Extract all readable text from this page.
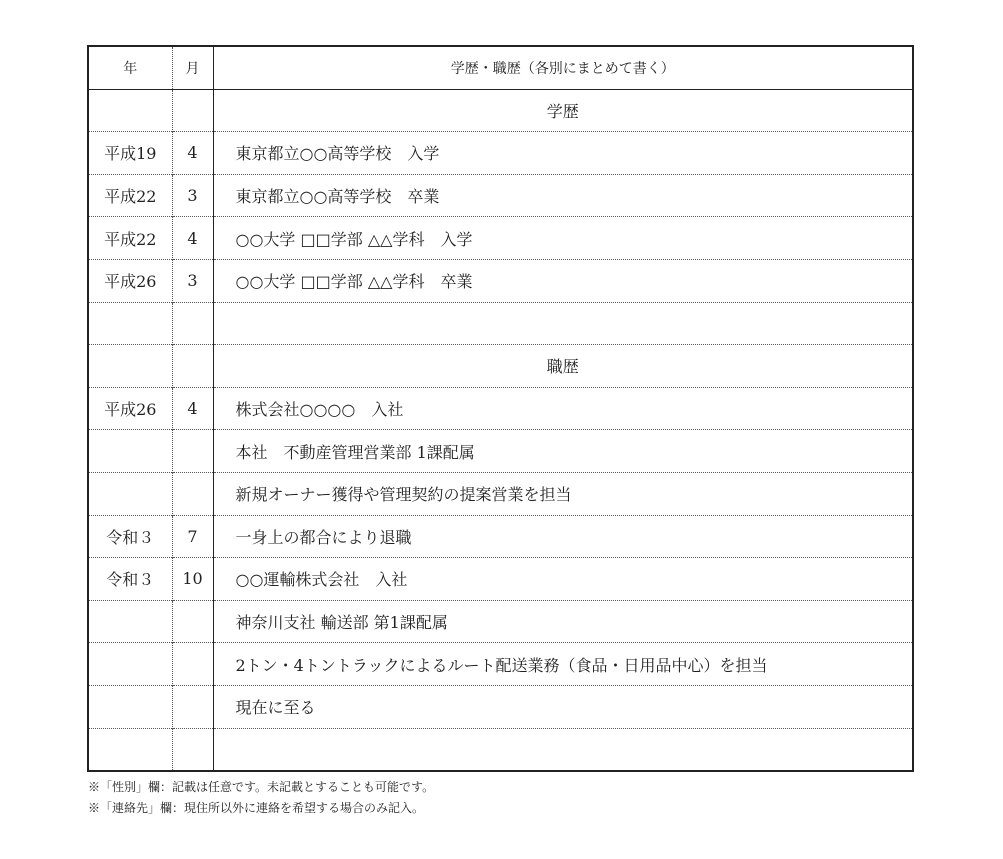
年	月	学歴・職歴（各別にまとめて書く）
		学歴
平成19	4	東京都立○○高等学校　入学
平成22	3	東京都立○○高等学校　卒業
平成22	4	○○大学 □□学部 △△学科　入学
平成26	3	○○大学 □□学部 △△学科　卒業

		職歴
平成26	4	株式会社○○○○　入社
		本社　不動産管理営業部 1課配属
		新規オーナー獲得や管理契約の提案営業を担当
令和３	7	一身上の都合により退職
令和３	10	○○運輸株式会社　入社
		神奈川支社 輸送部 第1課配属
		2トン・4トントラックによるルート配送業務（食品・日用品中心）を担当
		現在に至る

※「性別」欄：記載は任意です。未記載とすることも可能です。
※「連絡先」欄：現住所以外に連絡を希望する場合のみ記入。
